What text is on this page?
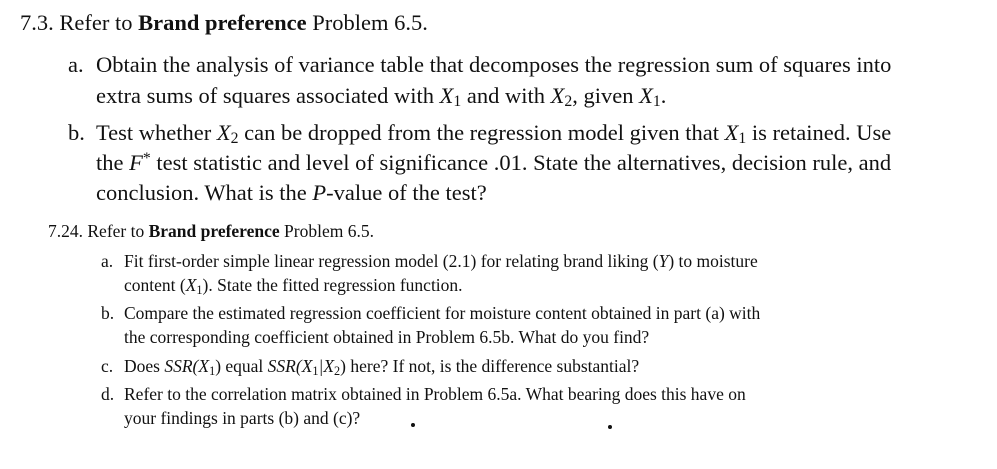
7.3. Refer to Brand preference Problem 6.5.
a. Obtain the analysis of variance table that decomposes the regression sum of squares into
extra sums of squares associated with $X_1$ and with $X_2$, given $X_1$.
b. Test whether $X_2$ can be dropped from the regression model given that $X_1$ is retained. Use
the F* test statistic and level of significance .01. State the alternatives, decision rule, and
conclusion. What is the P-value of the test?
7.24. Refer to Brand preference Problem 6.5.
a. Fit first-order simple linear regression model (2.1) for relating brand liking (Y) to moisture
content $(X_1)$. State the fitted regression function.
b. Compare the estimated regression coefficient for moisture content obtained in part (a) with
the corresponding coefficient obtained in Problem 6.5b. What do you find?
c. Does $SSR(X_1)$ equal $SSR(X_1|X_2)$ here? If not, is the difference substantial?
d. Refer to the correlation matrix obtained in Problem 6.5a. What bearing does this have on
your findings in parts (b) and (c)?
